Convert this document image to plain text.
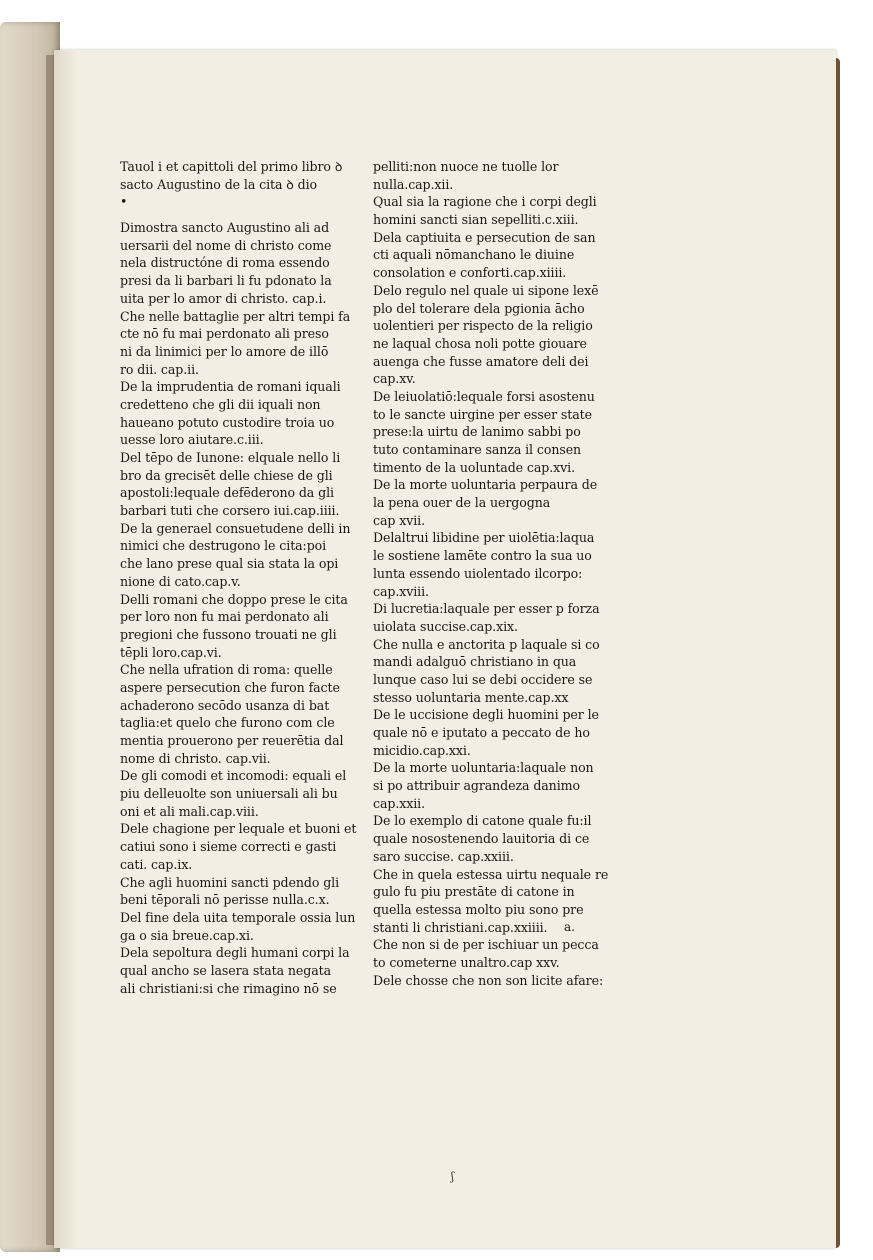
Tauol i et capittoli del primo libro ꝺ
sacto Augustino de la cita ꝺ dio
•
Dimostra sancto Augustino ali ad
uersarii del nome di christo come
nela distructóne di roma essendo
presi da li barbari li fu pdonato la
uita per lo amor di christo. cap.i.
Che nelle battaglie per altri tempi fa
cte nō fu mai perdonato ali preso
ni da linimici per lo amore de illō
ro dii. cap.ii.
De la imprudentia de romani iquali
credetteno che gli dii iquali non
haueano potuto custodire troia uo
uesse loro aiutare.c.iii.
Del tēpo de Iunone: elquale nello li
bro da grecisēt delle chiese de gli
apostoli:lequale defēderono da gli
barbari tuti che corsero iui.cap.iiii.
De la generael consuetudene delli in
nimici che destrugono le cita:poi
che lano prese qual sia stata la opi
nione di cato.cap.v.
Delli romani che doppo prese le cita
per loro non fu mai perdonato ali
pregioni che fussono trouati ne gli
tēpli loro.cap.vi.
Che nella ufration di roma: quelle
aspere persecution che furon facte
achaderono secōdo usanza di bat
taglia:et quelo che furono com cle
mentia prouerono per reuerētia dal
nome di christo. cap.vii.
De gli comodi et incomodi: equali el
piu delleuolte son uniuersali ali bu
oni et ali mali.cap.viii.
Dele chagione per lequale et buoni et
catiui sono i sieme correcti e gasti
cati. cap.ix.
Che agli huomini sancti pdendo gli
beni tēporali nō perisse nulla.c.x.
Del fine dela uita temporale ossia lun
ga o sia breue.cap.xi.
Dela sepoltura degli humani corpi la
qual ancho se lasera stata negata
ali christiani:si che rimagino nō se
pelliti:non nuoce ne tuolle lor
nulla.cap.xii.
Qual sia la ragione che i corpi degli
homini sancti sian sepelliti.c.xiii.
Dela captiuita e persecution de san
cti aquali nōmanchano le diuine
consolation e conforti.cap.xiiii.
Delo regulo nel quale ui sipone lexē
plo del tolerare dela pgionia ācho
uolentieri per rispecto de la religio
ne laqual chosa noli potte giouare
auenga che fusse amatore deli dei
cap.xv.
De leiuolatiō:lequale forsi asostenu
to le sancte uirgine per esser state
prese:la uirtu de lanimo sabbi po
tuto contaminare sanza il consen
timento de la uoluntade cap.xvi.
De la morte uoluntaria perpaura de
la pena ouer de la uergogna
cap xvii.
Delaltrui libidine per uiolētia:laqua
le sostiene lamēte contro la sua uo
lunta essendo uiolentado ilcorpo:
cap.xviii.
Di lucretia:laquale per esser p forza
uiolata succise.cap.xix.
Che nulla e anctorita p laquale si co
mandi adalguō christiano in qua
lunque caso lui se debi occidere se
stesso uoluntaria mente.cap.xx
De le uccisione degli huomini per le
quale nō e iputato a peccato de ho
micidio.cap.xxi.
De la morte uoluntaria:laquale non
si po attribuir agrandeza danimo
cap.xxii.
De lo exemplo di catone quale fu:il
quale nosostenendo lauitoria di ce
saro succise. cap.xxiii.
Che in quela estessa uirtu nequale re
gulo fu piu prestāte di catone in
quella estessa molto piu sono pre
stanti li christiani.cap.xxiiii.
Che non si de per ischiuar un pecca
to cometerne unaltro.cap xxv.
Dele chosse che non son licite afare:
a.
ʃ
